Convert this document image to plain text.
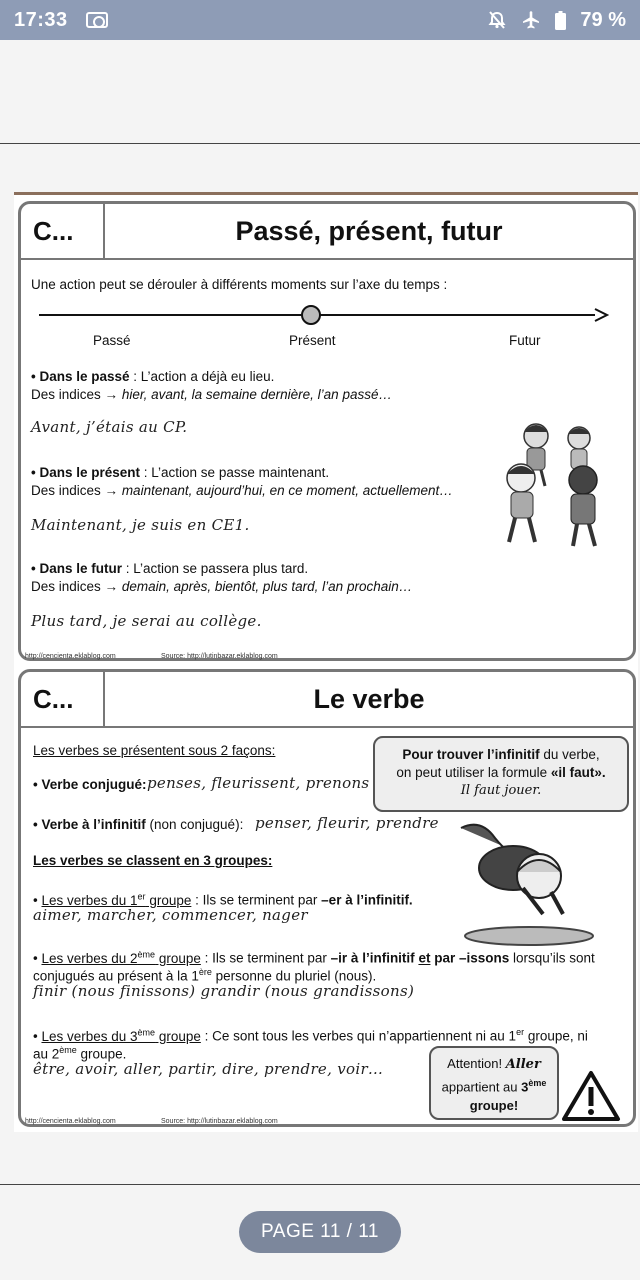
17:33	79 %
C...	Passé, présent, futur
Une action peut se dérouler à différents moments sur l’axe du temps :
Passé	Présent	Futur
• Dans le passé : L’action a déjà eu lieu.
Des indices → hier, avant, la semaine dernière, l’an passé…
Avant, j’étais au CP.
• Dans le présent : L’action se passe maintenant.
Des indices → maintenant, aujourd’hui, en ce moment, actuellement…
Maintenant, je suis en CE1.
• Dans le futur : L’action se passera plus tard.
Des indices → demain, après, bientôt, plus tard, l’an prochain…
Plus tard, je serai au collège.
http://cencienta.eklablog.com	Source: http://lutinbazar.eklablog.com
C...	Le verbe
Les verbes se présentent sous 2 façons:
• Verbe conjugué: penses, fleurissent, prenons
• Verbe à l’infinitif (non conjugué): penser, fleurir, prendre
Pour trouver l’infinitif du verbe,
on peut utiliser la formule «il faut».
Il faut jouer.
Les verbes se classent en 3 groupes:
• Les verbes du 1er groupe : Ils se terminent par –er à l’infinitif.
aimer, marcher, commencer, nager
• Les verbes du 2ème groupe : Ils se terminent par –ir à l’infinitif et par –issons lorsqu’ils sont
conjugués au présent à la 1ère personne du pluriel (nous).
finir (nous finissons) grandir (nous grandissons)
• Les verbes du 3ème groupe : Ce sont tous les verbes qui n’appartiennent ni au 1er groupe, ni
au 2ème groupe.
être, avoir, aller, partir, dire, prendre, voir…	Attention! Aller
appartient au 3ème
groupe!
http://cencienta.eklablog.com	Source: http://lutinbazar.eklablog.com
PAGE 11 / 11
